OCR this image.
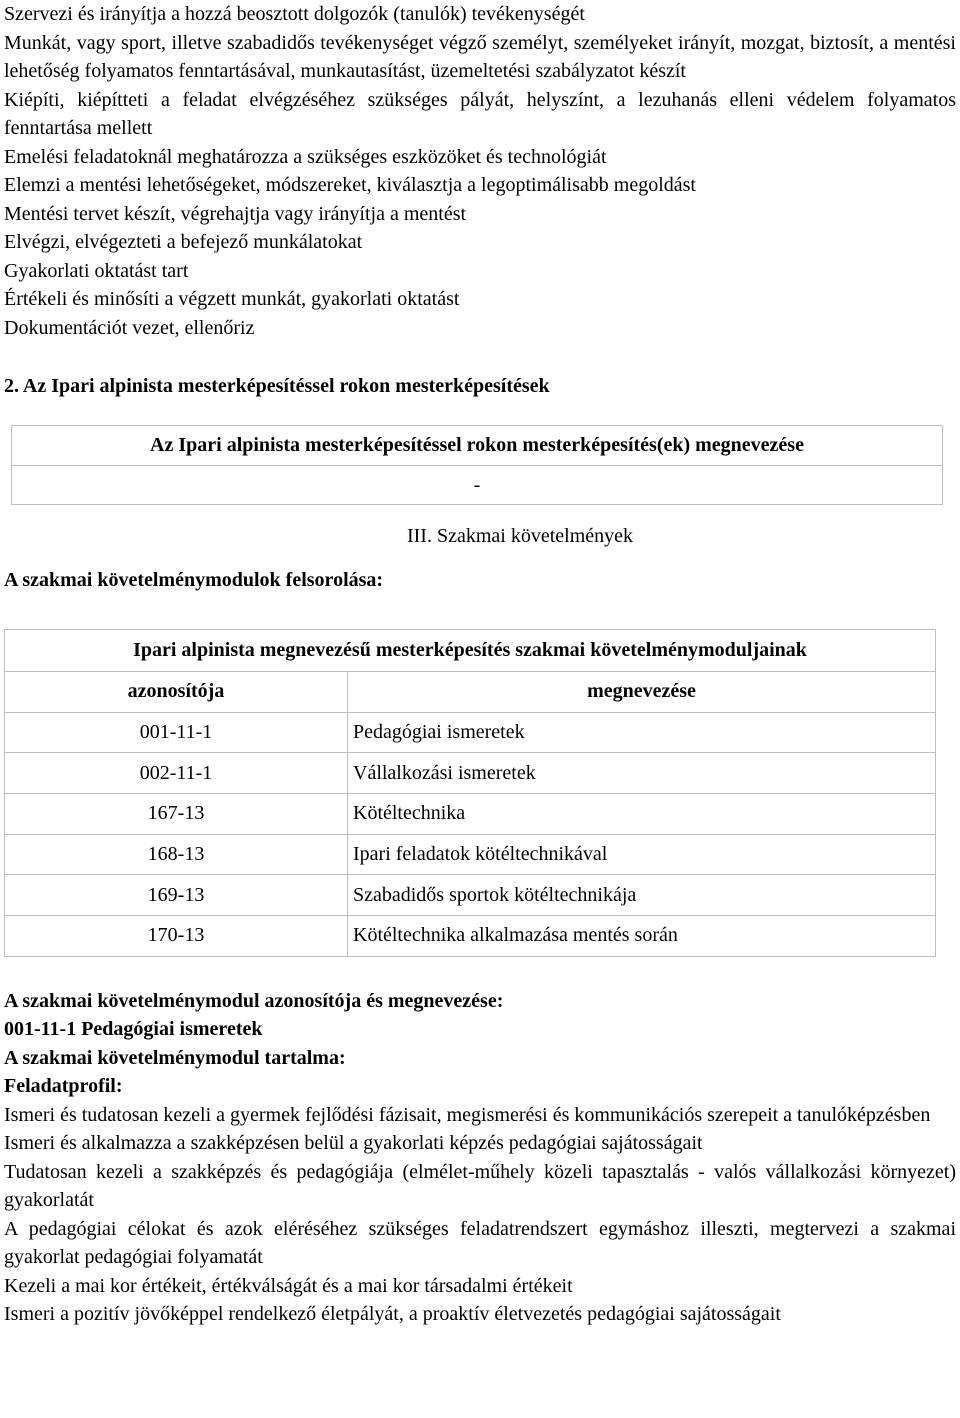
Szervezi és irányítja a hozzá beosztott dolgozók (tanulók) tevékenységét

Munkát, vagy sport, illetve szabadidős tevékenységet végző személyt, személyeket irányít, mozgat, biztosít, a mentési lehetőség folyamatos fenntartásával, munkautasítást, üzemeltetési szabályzatot készít

Kiépíti, kiépítteti a feladat elvégzéséhez szükséges pályát, helyszínt, a lezuhanás elleni védelem folyamatos fenntartása mellett

Emelési feladatoknál meghatározza a szükséges eszközöket és technológiát

Elemzi a mentési lehetőségeket, módszereket, kiválasztja a legoptimálisabb megoldást

Mentési tervet készít, végrehajtja vagy irányítja a mentést

Elvégzi, elvégezteti a befejező munkálatokat

Gyakorlati oktatást tart

Értékeli és minősíti a végzett munkát, gyakorlati oktatást

Dokumentációt vezet, ellenőriz

2. Az Ipari alpinista mesterképesítéssel rokon mesterképesítések

Az Ipari alpinista mesterképesítéssel rokon mesterképesítés(ek) megnevezése
-

III. Szakmai követelmények

A szakmai követelménymodulok felsorolása:

Ipari alpinista megnevezésű mesterképesítés szakmai követelménymoduljainak	
azonosítója	megnevezése
001-11-1	Pedagógiai ismeretek
002-11-1	Vállalkozási ismeretek
167-13	Kötéltechnika
168-13	Ipari feladatok kötéltechnikával
169-13	Szabadidős sportok kötéltechnikája
170-13	Kötéltechnika alkalmazása mentés során

A szakmai követelménymodul azonosítója és megnevezése:

001-11-1 Pedagógiai ismeretek

A szakmai követelménymodul tartalma:

Feladatprofil:

Ismeri és tudatosan kezeli a gyermek fejlődési fázisait, megismerési és kommunikációs szerepeit a tanulóképzésben

Ismeri és alkalmazza a szakképzésen belül a gyakorlati képzés pedagógiai sajátosságait

Tudatosan kezeli a szakképzés és pedagógiája (elmélet-műhely közeli tapasztalás - valós vállalkozási környezet) gyakorlatát

A pedagógiai célokat és azok eléréséhez szükséges feladatrendszert egymáshoz illeszti, megtervezi a szakmai gyakorlat pedagógiai folyamatát

Kezeli a mai kor értékeit, értékválságát és a mai kor társadalmi értékeit

Ismeri a pozitív jövőképpel rendelkező életpályát, a proaktív életvezetés pedagógiai sajátosságait
